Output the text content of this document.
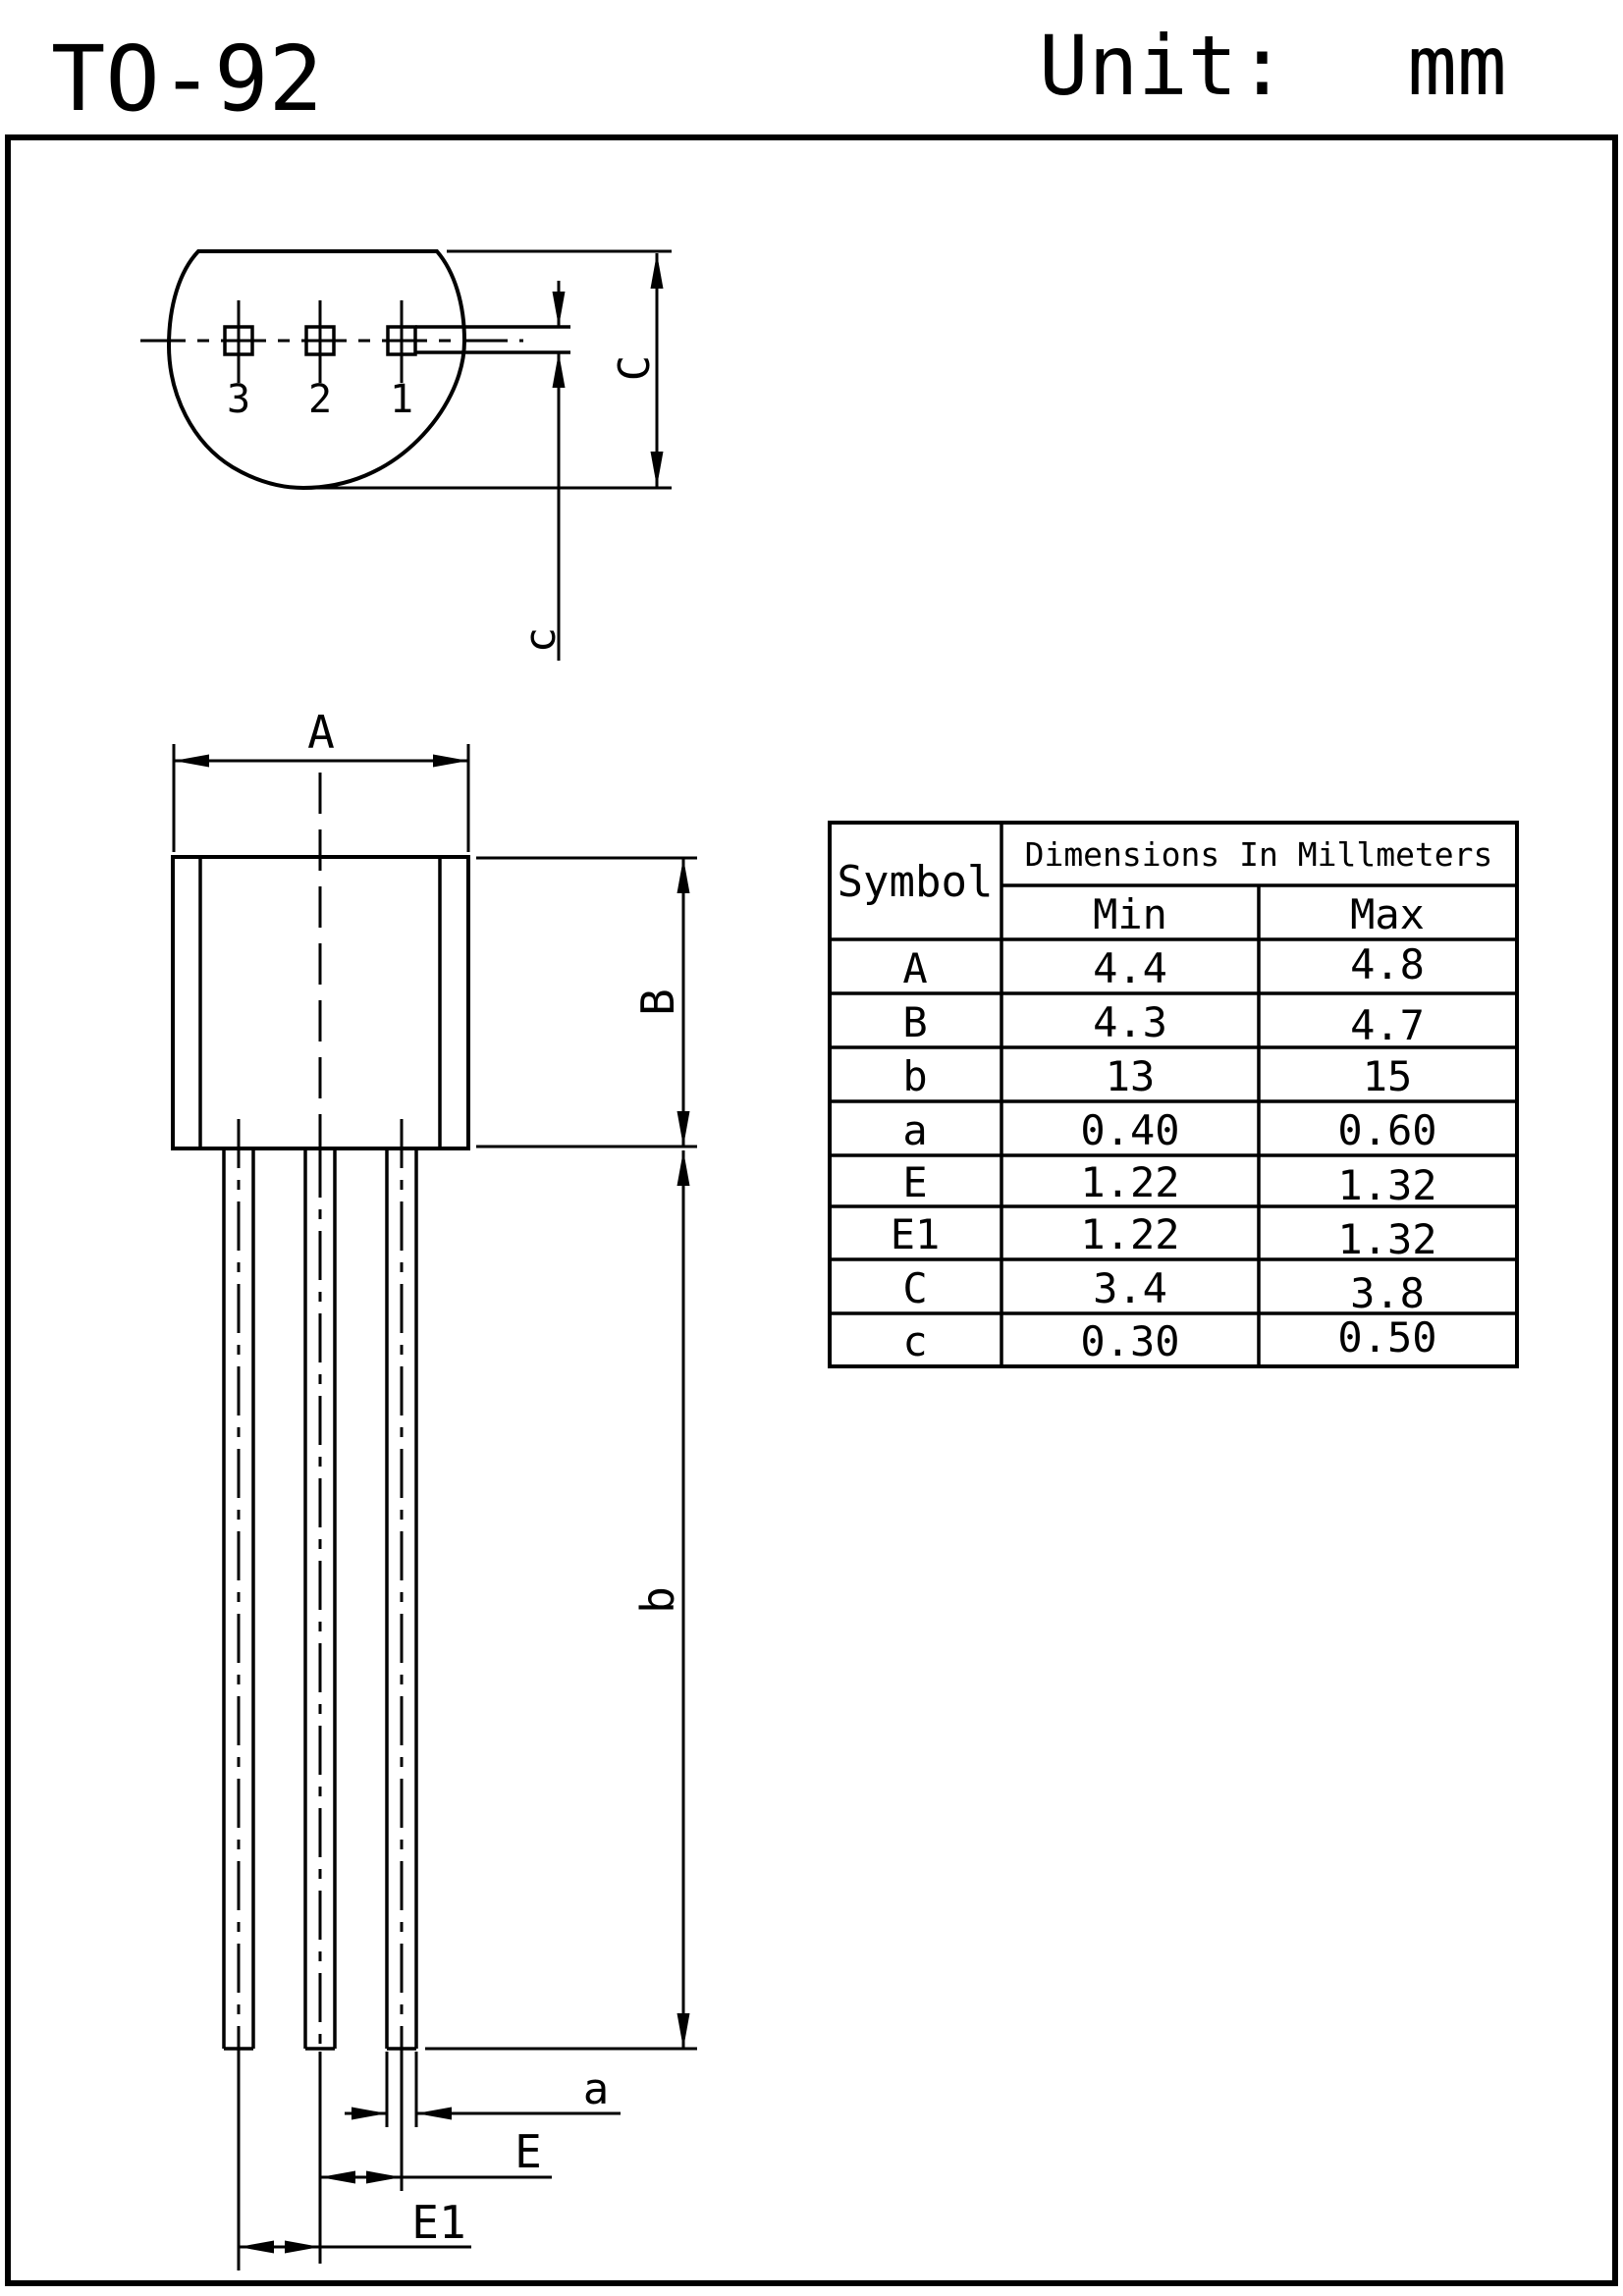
TO-92	Unit: mm
3 2 1
c
C
A
B
b
a
E
E1
Symbol
Dimensions In Millmeters
Min	Max
A	4.4	4.8
B	4.3	4.7
b	13	15
a	0.40	0.60
E	1.22	1.32
E1	1.22	1.32
C	3.4	3.8
c	0.30	0.50
